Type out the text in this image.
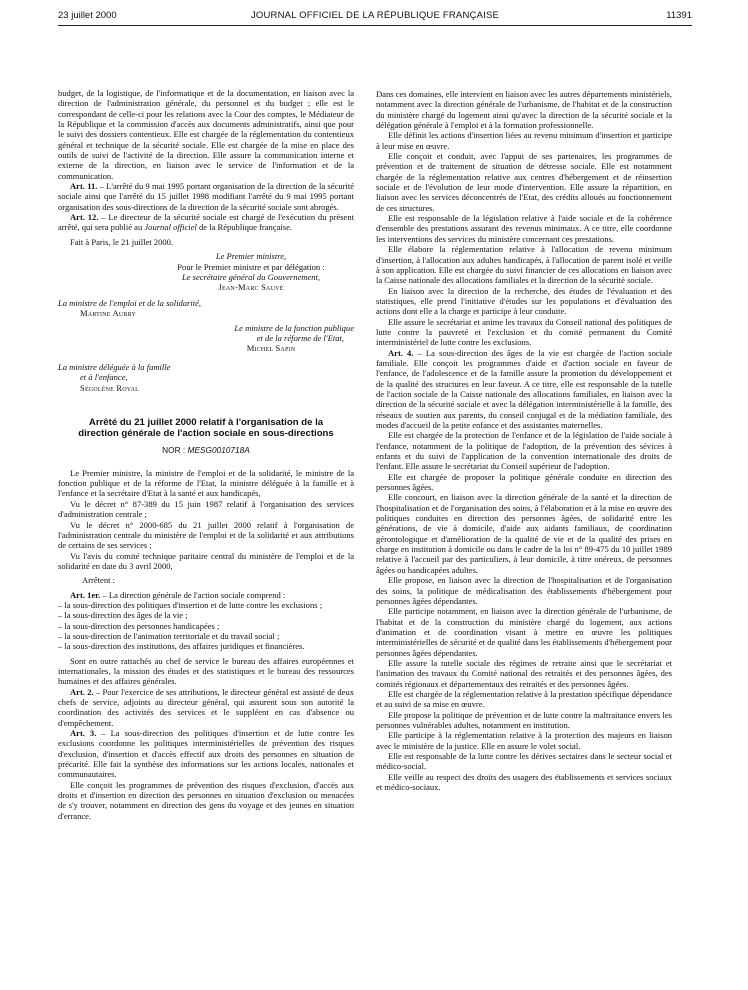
23 juillet 2000	JOURNAL OFFICIEL DE LA RÉPUBLIQUE FRANÇAISE	11391

budget, de la logistique, de l'informatique et de la documentation, en liaison avec la direction de l'administration générale, du personnel et du budget ; elle est le correspondant de celle-ci pour les relations avec la Cour des comptes, le Médiateur de la République et la commission d'accès aux documents administratifs, ainsi que pour le suivi des dossiers contentieux. Elle est chargée de la réglementation du contentieux général et technique de la sécurité sociale. Elle est chargée de la mise en place des outils de suivi de l'activité de la direction. Elle assure la communication interne et externe de la direction, en liaison avec le service de l'information et de la communication.

Art. 11. – L'arrêté du 9 mai 1995 portant organisation de la direction de la sécurité sociale ainsi que l'arrêté du 15 juillet 1998 modifiant l'arrêté du 9 mai 1995 portant organisation des sous-directions de la direction de la sécurité sociale sont abrogés.

Art. 12. – Le directeur de la sécurité sociale est chargé de l'exécution du présent arrêté, qui sera publié au Journal officiel de la République française.

Fait à Paris, le 21 juillet 2000.

Le Premier ministre,

Pour le Premier ministre et par délégation :

Le secrétaire général du Gouvernement,

Jean-Marc Sauvé

La ministre de l'emploi et de la solidarité,

Martine Aubry

Le ministre de la fonction publique

et de la réforme de l'Etat,

Michel Sapin

La ministre déléguée à la famille

et à l'enfance,

Ségolène Royal

Arrêté du 21 juillet 2000 relatif à l'organisation de la direction générale de l'action sociale en sous-directions
NOR : MESG0010718A

Le Premier ministre, la ministre de l'emploi et de la solidarité, le ministre de la fonction publique et de la réforme de l'Etat, la ministre déléguée à la famille et à l'enfance et la secrétaire d'Etat à la santé et aux handicapés,

Vu le décret n° 87-389 du 15 juin 1987 relatif à l'organisation des services d'administration centrale ;

Vu le décret n° 2000-685 du 21 juillet 2000 relatif à l'organisation de l'administration centrale du ministère de l'emploi et de la solidarité et aux attributions de certains de ses services ;

Vu l'avis du comité technique paritaire central du ministère de l'emploi et de la solidarité en date du 3 avril 2000,

Arrêtent :

Art. 1er. – La direction générale de l'action sociale comprend :

– la sous-direction des politiques d'insertion et de lutte contre les exclusions ;
– la sous-direction des âges de la vie ;
– la sous-direction des personnes handicapées ;
– la sous-direction de l'animation territoriale et du travail social ;
– la sous-direction des institutions, des affaires juridiques et financières.

Sont en outre rattachés au chef de service le bureau des affaires européennes et internationales, la mission des études et des statistiques et le bureau des ressources humaines et des affaires générales.

Art. 2. – Pour l'exercice de ses attributions, le directeur général est assisté de deux chefs de service, adjoints au directeur général, qui assurent sous son autorité la coordination des activités des services et le suppléent en cas d'absence ou d'empêchement.

Art. 3. – La sous-direction des politiques d'insertion et de lutte contre les exclusions coordonne les politiques interministérielles de prévention des risques d'exclusion, d'insertion et d'accès effectif aux droits des personnes en situation de précarité. Elle fait la synthèse des informations sur les actions locales, nationales et communautaires.

Elle conçoit les programmes de prévention des risques d'exclusion, d'accès aux droits et d'insertion en direction des personnes en situation d'exclusion ou menacées de s'y trouver, notamment en direction des gens du voyage et des jeunes en situation d'errance.

Dans ces domaines, elle intervient en liaison avec les autres départements ministériels, notamment avec la direction générale de l'urbanisme, de l'habitat et de la construction du ministère chargé du logement ainsi qu'avec la direction de la sécurité sociale et la délégation générale à l'emploi et à la formation professionnelle.

Elle définit les actions d'insertion liées au revenu minimum d'insertion et participe à leur mise en œuvre.

Elle conçoit et conduit, avec l'appui de ses partenaires, les programmes de prévention et de traitement de situation de détresse sociale. Elle est notamment chargée de la réglementation relative aux centres d'hébergement et de réinsertion sociale et de l'évolution de leur mode d'intervention. Elle assure la répartition, en liaison avec les services déconcentrés de l'Etat, des crédits alloués au fonctionnement de ces structures.

Elle est responsable de la législation relative à l'aide sociale et de la cohérence d'ensemble des prestations assurant des revenus minimaux. A ce titre, elle coordonne les interventions des services du ministère concernant ces prestations.

Elle élabore la réglementation relative à l'allocation de revenu minimum d'insertion, à l'allocation aux adultes handicapés, à l'allocation de parent isolé et veille à son application. Elle est chargée du suivi financier de ces allocations en liaison avec la Caisse nationale des allocations familiales et la direction de la sécurité sociale.

En liaison avec la direction de la recherche, des études de l'évaluation et des statistiques, elle prend l'initiative d'études sur les populations et d'évaluation des actions dont elle a la charge et participe à leur conduite.

Elle assure le secrétariat et anime les travaux du Conseil national des politiques de lutte contre la pauvreté et l'exclusion et du comité permanent du Comité interministériel de lutte contre les exclusions.

Art. 4. – La sous-direction des âges de la vie est chargée de l'action sociale familiale. Elle conçoit les programmes d'aide et d'action sociale en faveur de l'enfance, de l'adolescence et de la famille assure la promotion du développement et de la qualité des structures en leur faveur. A ce titre, elle est responsable de la tutelle de l'action sociale de la Caisse nationale des allocations familiales, en liaison avec la direction de la sécurité sociale et avec la délégation interministérielle à la famille, des réseaux de soutien aux parents, du conseil conjugal et de la médiation familiale, des modes d'accueil de la petite enfance et des assistantes maternelles.

Elle est chargée de la protection de l'enfance et de la législation de l'aide sociale à l'enfance, notamment de la politique de l'adoption, de la prévention des sévices à enfants et du suivi de l'application de la convention internationale des droits de l'enfant. Elle assure le secrétariat du Conseil supérieur de l'adoption.

Elle est chargée de proposer la politique générale conduite en direction des personnes âgées.

Elle concourt, en liaison avec la direction générale de la santé et la direction de l'hospitalisation et de l'organisation des soins, à l'élaboration et à la mise en œuvre des politiques conduites en direction des personnes âgées, de solidarité entre les générations, de vie à domicile, d'aide aux aidants familiaux, de coordination gérontologique et d'amélioration de la qualité de vie et de la qualité des prises en charge en institution à domicile ou dans le cadre de la loi n° 89-475 du 10 juillet 1989 relative à l'accueil par des particuliers, à leur domicile, à titre onéreux, de personnes âgées ou handicapées adultes.

Elle propose, en liaison avec la direction de l'hospitalisation et de l'organisation des soins, la politique de médicalisation des établissements d'hébergement pour personnes âgées dépendantes.

Elle participe notamment, en liaison avec la direction générale de l'urbanisme, de l'habitat et de la construction du ministère chargé du logement, aux actions d'animation et de coordination visant à mettre en œuvre les politiques interministérielles de sécurité et de qualité dans les établissements d'hébergement pour personnes âgées dépendantes.

Elle assure la tutelle sociale des régimes de retraite ainsi que le secrétariat et l'animation des travaux du Comité national des retraités et des personnes âgées, des comités régionaux et départementaux des retraités et des personnes âgées.

Elle est chargée de la réglementation relative à la prestation spécifique dépendance et au suivi de sa mise en œuvre.

Elle propose la politique de prévention et de lutte contre la maltraitance envers les personnes vulnérables adultes, notamment en institution.

Elle participe à la réglementation relative à la protection des majeurs en liaison avec le ministère de la justice. Elle en assure le volet social.

Elle est responsable de la lutte contre les dérives sectaires dans le secteur social et médico-social.

Elle veille au respect des droits des usagers des établissements et services sociaux et médico-sociaux.
